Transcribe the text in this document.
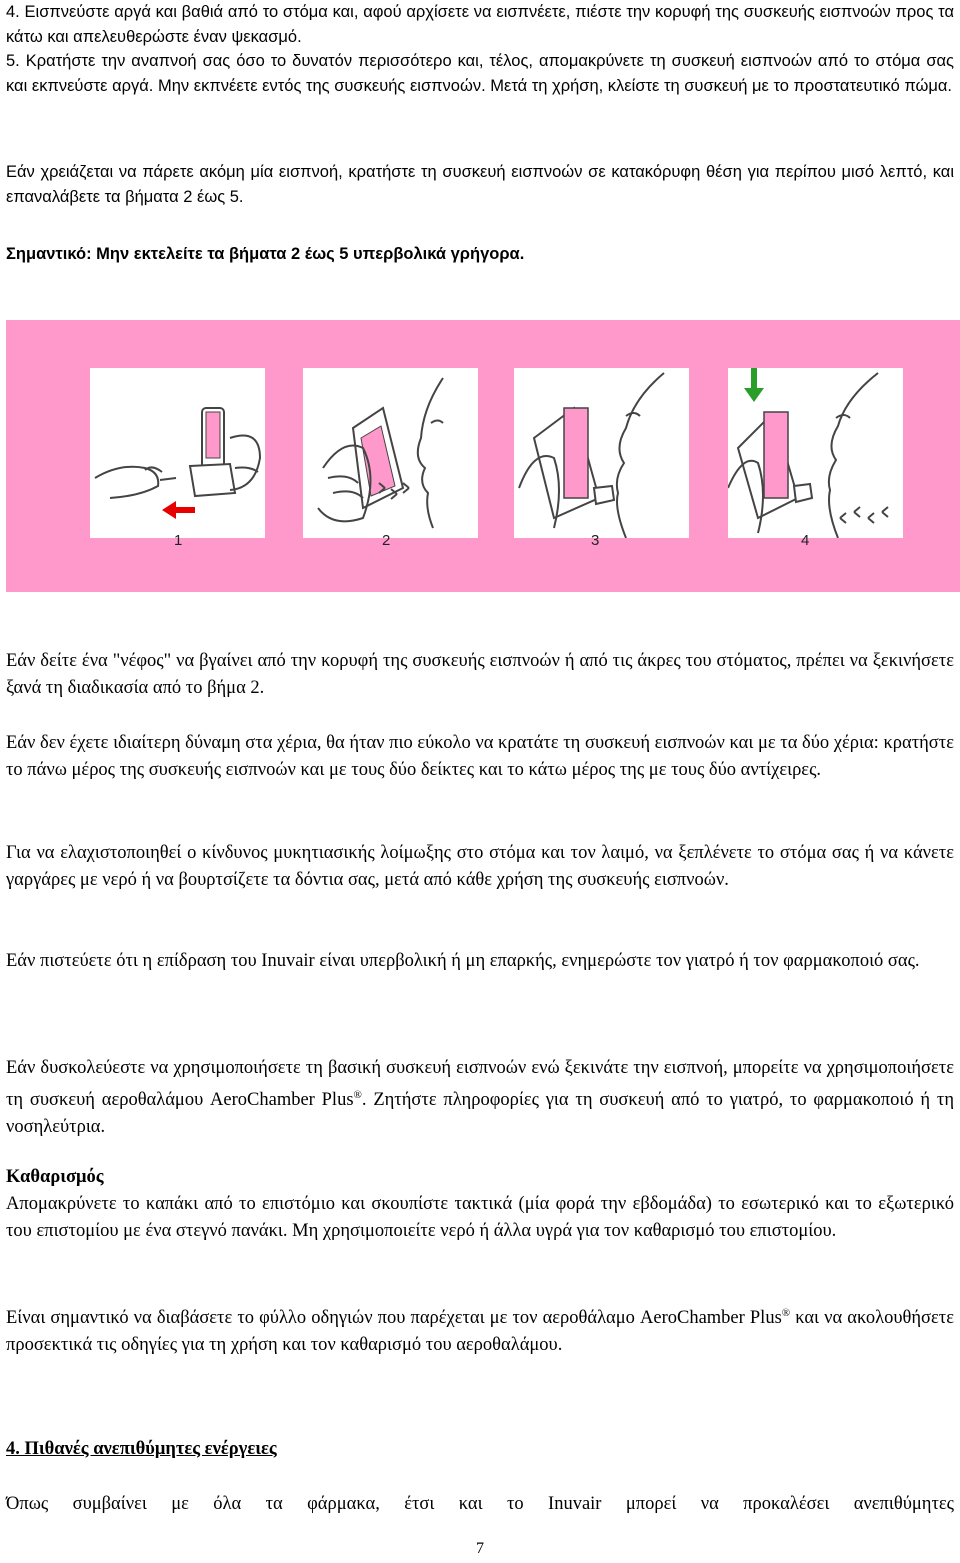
4. Εισπνεύστε αργά και βαθιά από το στόμα και, αφού αρχίσετε να εισπνέετε, πιέστε την κορυφή της συσκευής εισπνοών προς τα κάτω και απελευθερώστε έναν ψεκασμό.

5. Κρατήστε την αναπνοή σας όσο το δυνατόν περισσότερο και, τέλος, απομακρύνετε τη συσκευή εισπνοών από το στόμα σας και εκπνεύστε αργά. Μην εκπνέετε εντός της συσκευής εισπνοών. Μετά τη χρήση, κλείστε τη συσκευή με το προστατευτικό πώμα.

Εάν χρειάζεται να πάρετε ακόμη μία εισπνοή, κρατήστε τη συσκευή εισπνοών σε κατακόρυφη θέση για περίπου μισό λεπτό, και επαναλάβετε τα βήματα 2 έως 5.

Σημαντικό: Μην εκτελείτε τα βήματα 2 έως 5 υπερβολικά γρήγορα.

1	2	3	4

Εάν δείτε ένα "νέφος" να βγαίνει από την κορυφή της συσκευής εισπνοών ή από τις άκρες του στόματος, πρέπει να ξεκινήσετε ξανά τη διαδικασία από το βήμα 2.

Εάν δεν έχετε ιδιαίτερη δύναμη στα χέρια, θα ήταν πιο εύκολο να κρατάτε τη συσκευή εισπνοών και με τα δύο χέρια: κρατήστε το πάνω μέρος της συσκευής εισπνοών και με τους δύο δείκτες και το κάτω μέρος της με τους δύο αντίχειρες.

Για να ελαχιστοποιηθεί ο κίνδυνος μυκητιασικής λοίμωξης στο στόμα και τον λαιμό, να ξεπλένετε το στόμα σας ή να κάνετε γαργάρες με νερό ή να βουρτσίζετε τα δόντια σας, μετά από κάθε χρήση της συσκευής εισπνοών.

Εάν πιστεύετε ότι η επίδραση του Inuvair είναι υπερβολική ή μη επαρκής, ενημερώστε τον γιατρό ή τον φαρμακοποιό σας.

Εάν δυσκολεύεστε να χρησιμοποιήσετε τη βασική συσκευή εισπνοών ενώ ξεκινάτε την εισπνοή, μπορείτε να χρησιμοποιήσετε τη συσκευή αεροθαλάμου AeroChamber Plus®. Ζητήστε πληροφορίες για τη συσκευή από το γιατρό, το φαρμακοποιό ή τη νοσηλεύτρια.

Καθαρισμός

Απομακρύνετε το καπάκι από το επιστόμιο και σκουπίστε τακτικά (μία φορά την εβδομάδα) το εσωτερικό και το εξωτερικό του επιστομίου με ένα στεγνό πανάκι. Μη χρησιμοποιείτε νερό ή άλλα υγρά για τον καθαρισμό του επιστομίου.

Είναι σημαντικό να διαβάσετε το φύλλο οδηγιών που παρέχεται με τον αεροθάλαμο AeroChamber Plus® και να ακολουθήσετε προσεκτικά τις οδηγίες για τη χρήση και τον καθαρισμό του αεροθαλάμου.

4. Πιθανές ανεπιθύμητες ενέργειες

Όπως συμβαίνει με όλα τα φάρμακα, έτσι και το Inuvair μπορεί να προκαλέσει ανεπιθύμητες

7
